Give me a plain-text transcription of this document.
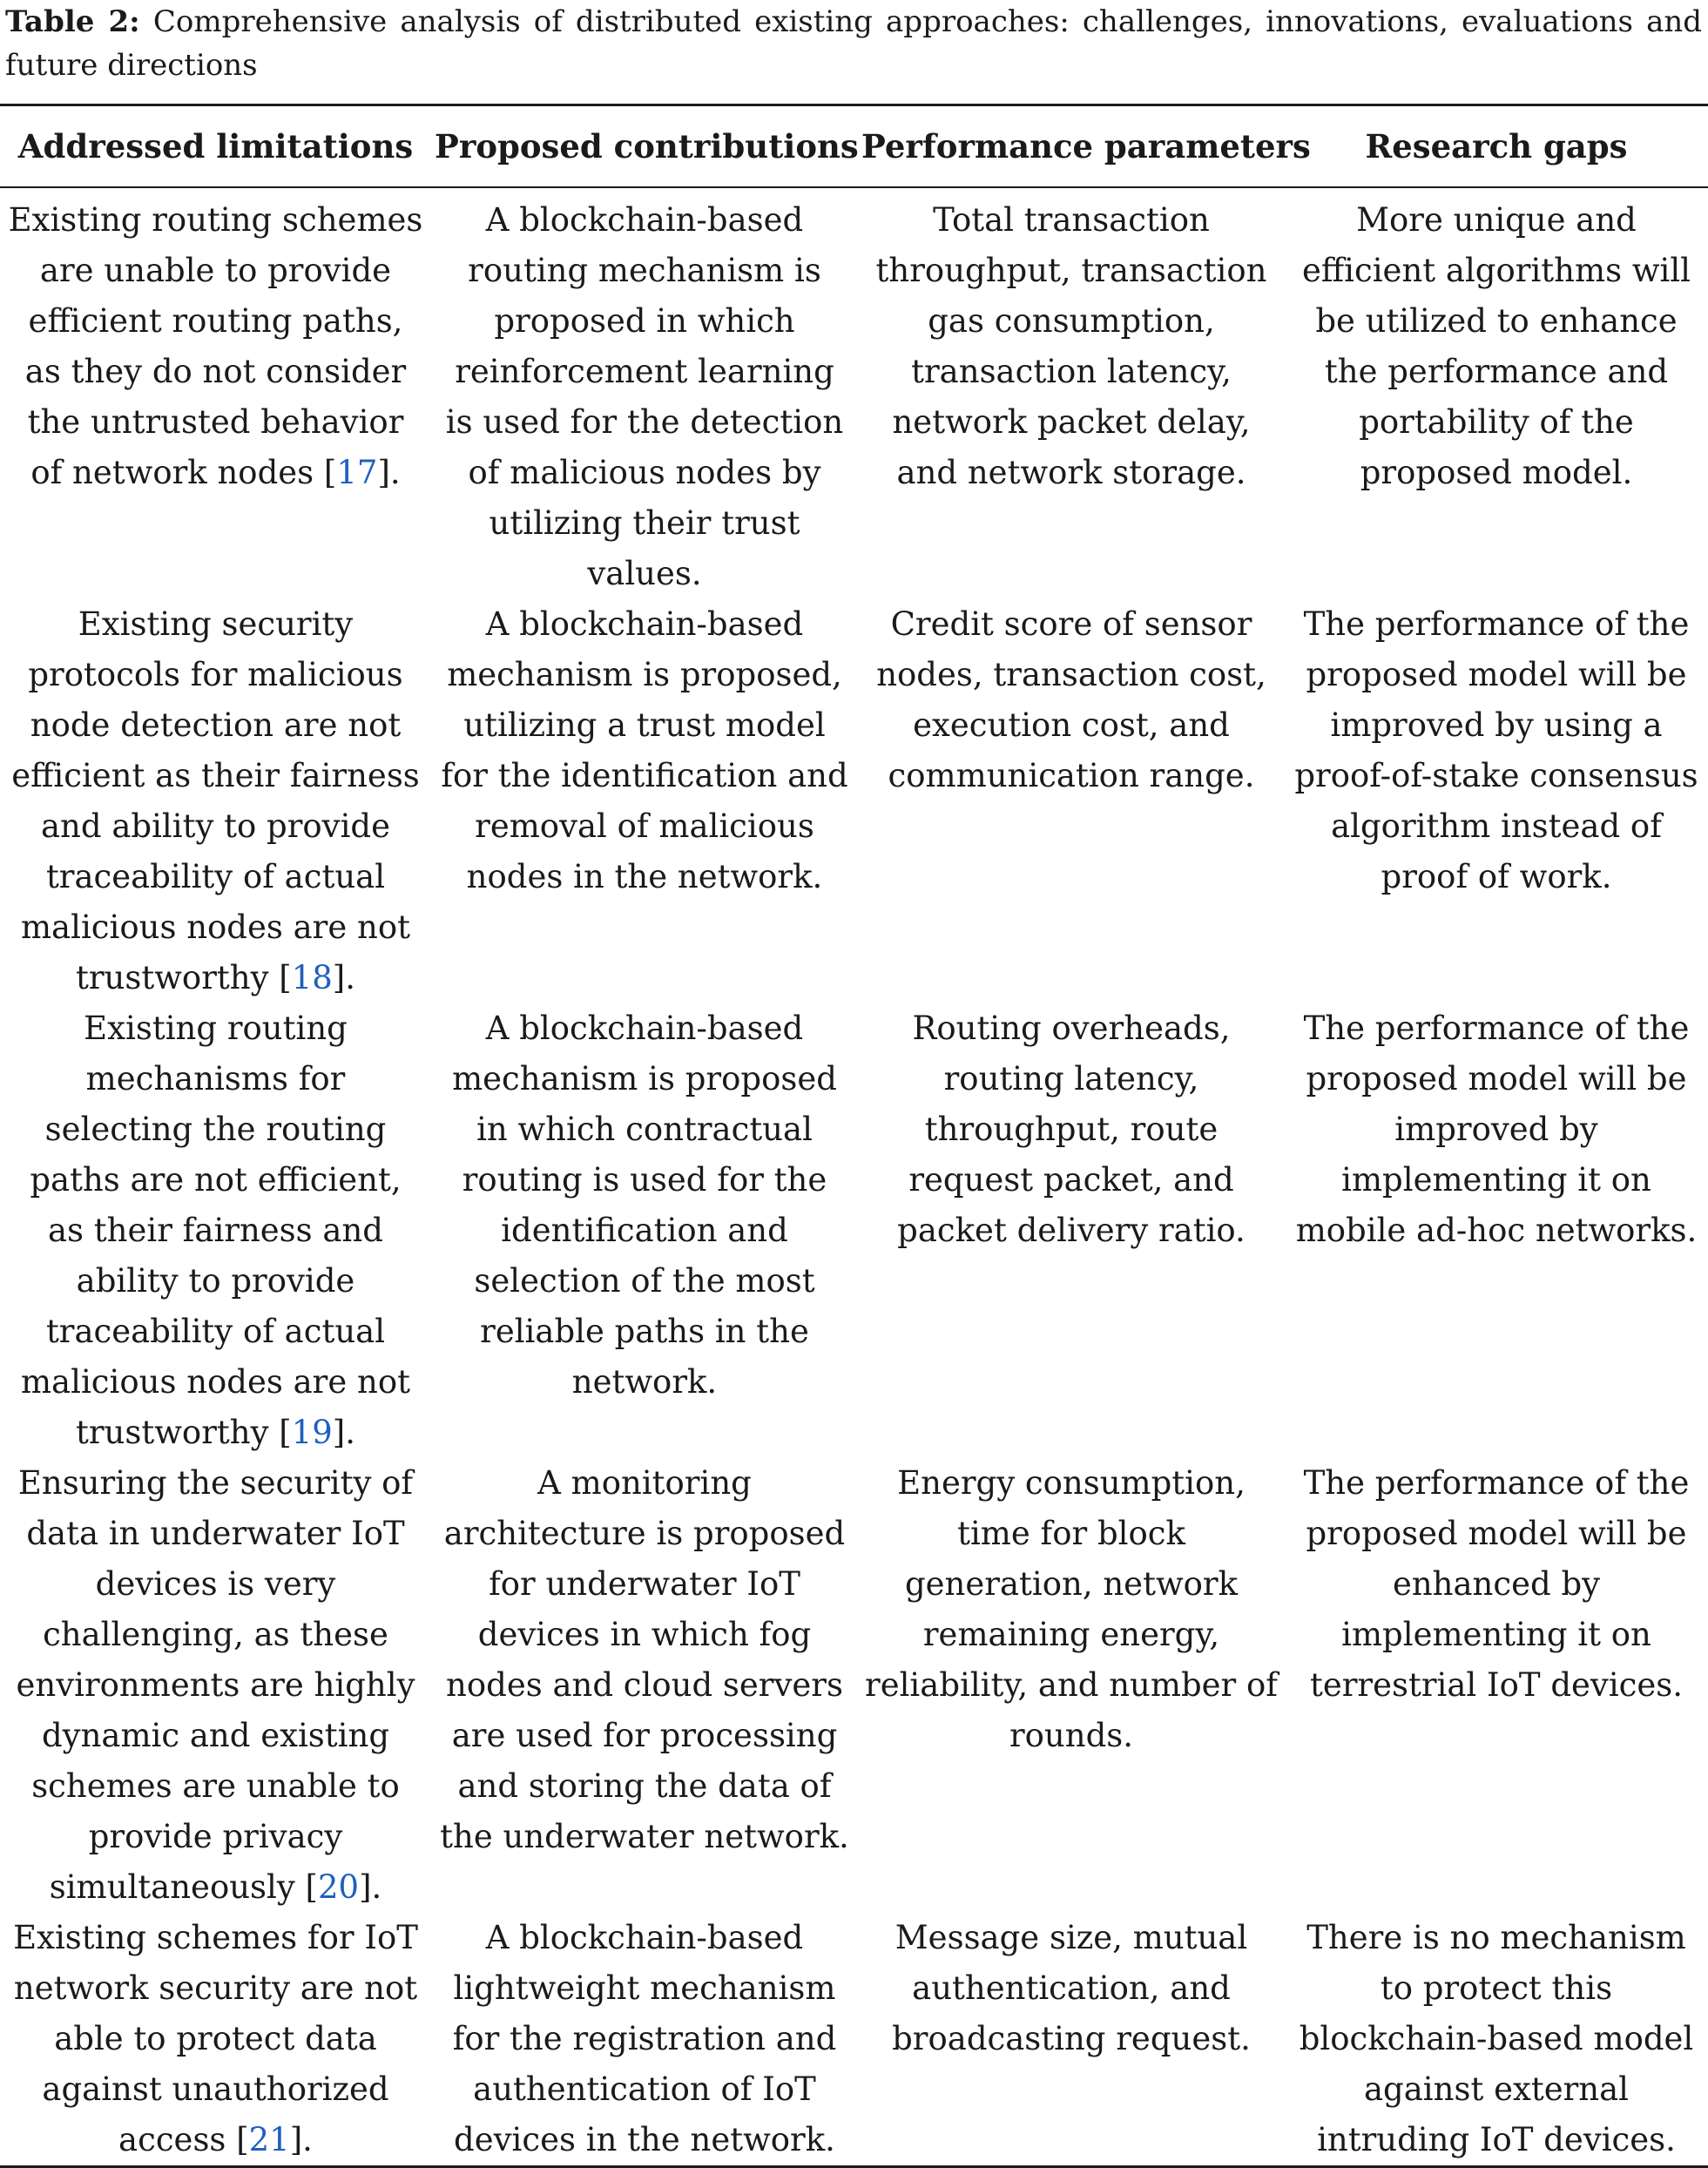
Table 2: Comprehensive analysis of distributed existing approaches: challenges, innovations, evaluations and future directions
Addressed limitations	Proposed contributions	Performance parameters	Research gaps
Existing routing schemes are unable to provide efficient routing paths, as they do not consider the untrusted behavior of network nodes [17].	A blockchain-based routing mechanism is proposed in which reinforcement learning is used for the detection of malicious nodes by utilizing their trust values.	Total transaction throughput, transaction gas consumption, transaction latency, network packet delay, and network storage.	More unique and efficient algorithms will be utilized to enhance the performance and portability of the proposed model.
Existing security protocols for malicious node detection are not efficient as their fairness and ability to provide traceability of actual malicious nodes are not trustworthy [18].	A blockchain-based mechanism is proposed, utilizing a trust model for the identification and removal of malicious nodes in the network.	Credit score of sensor nodes, transaction cost, execution cost, and communication range.	The performance of the proposed model will be improved by using a proof-of-stake consensus algorithm instead of proof of work.
Existing routing mechanisms for selecting the routing paths are not efficient, as their fairness and ability to provide traceability of actual malicious nodes are not trustworthy [19].	A blockchain-based mechanism is proposed in which contractual routing is used for the identification and selection of the most reliable paths in the network.	Routing overheads, routing latency, throughput, route request packet, and packet delivery ratio.	The performance of the proposed model will be improved by implementing it on mobile ad-hoc networks.
Ensuring the security of data in underwater IoT devices is very challenging, as these environments are highly dynamic and existing schemes are unable to provide privacy simultaneously [20].	A monitoring architecture is proposed for underwater IoT devices in which fog nodes and cloud servers are used for processing and storing the data of the underwater network.	Energy consumption, time for block generation, network remaining energy, reliability, and number of rounds.	The performance of the proposed model will be enhanced by implementing it on terrestrial IoT devices.
Existing schemes for IoT network security are not able to protect data against unauthorized access [21].	A blockchain-based lightweight mechanism for the registration and authentication of IoT devices in the network.	Message size, mutual authentication, and broadcasting request.	There is no mechanism to protect this blockchain-based model against external intruding IoT devices.
